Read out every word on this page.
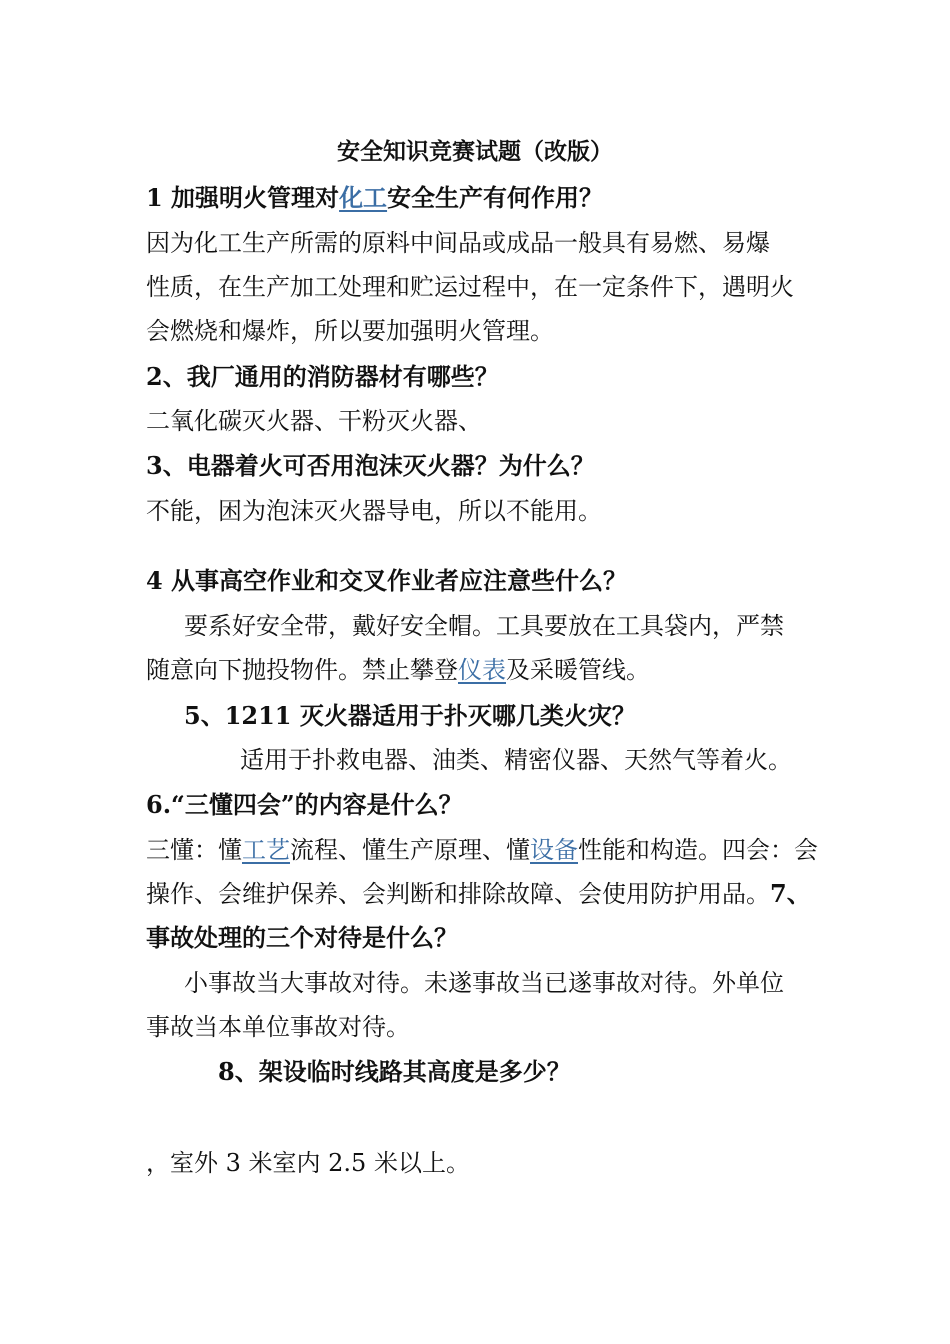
安全知识竞赛试题（改版）
1 加强明火管理对化工安全生产有何作用？
因为化工生产所需的原料中间品或成品一般具有易燃、易爆
性质，在生产加工处理和贮运过程中，在一定条件下，遇明火
会燃烧和爆炸，所以要加强明火管理。
2、我厂通用的消防器材有哪些？
二氧化碳灭火器、干粉灭火器、
3、电器着火可否用泡沫灭火器？为什么？
不能，困为泡沫灭火器导电，所以不能用。
4 从事高空作业和交叉作业者应注意些什么？
要系好安全带，戴好安全帽。工具要放在工具袋内，严禁
随意向下抛投物件。禁止攀登仪表及采暖管线。
5、1211 灭火器适用于扑灭哪几类火灾？
适用于扑救电器、油类、精密仪器、天然气等着火。
6.“三懂四会”的内容是什么？
三懂：懂工艺流程、懂生产原理、懂设备性能和构造。四会：会
操作、会维护保养、会判断和排除故障、会使用防护用品。7、
事故处理的三个对待是什么？
小事故当大事故对待。未遂事故当已遂事故对待。外单位
事故当本单位事故对待。
8、架设临时线路其高度是多少？
，室外 3 米室内 2.5 米以上。
